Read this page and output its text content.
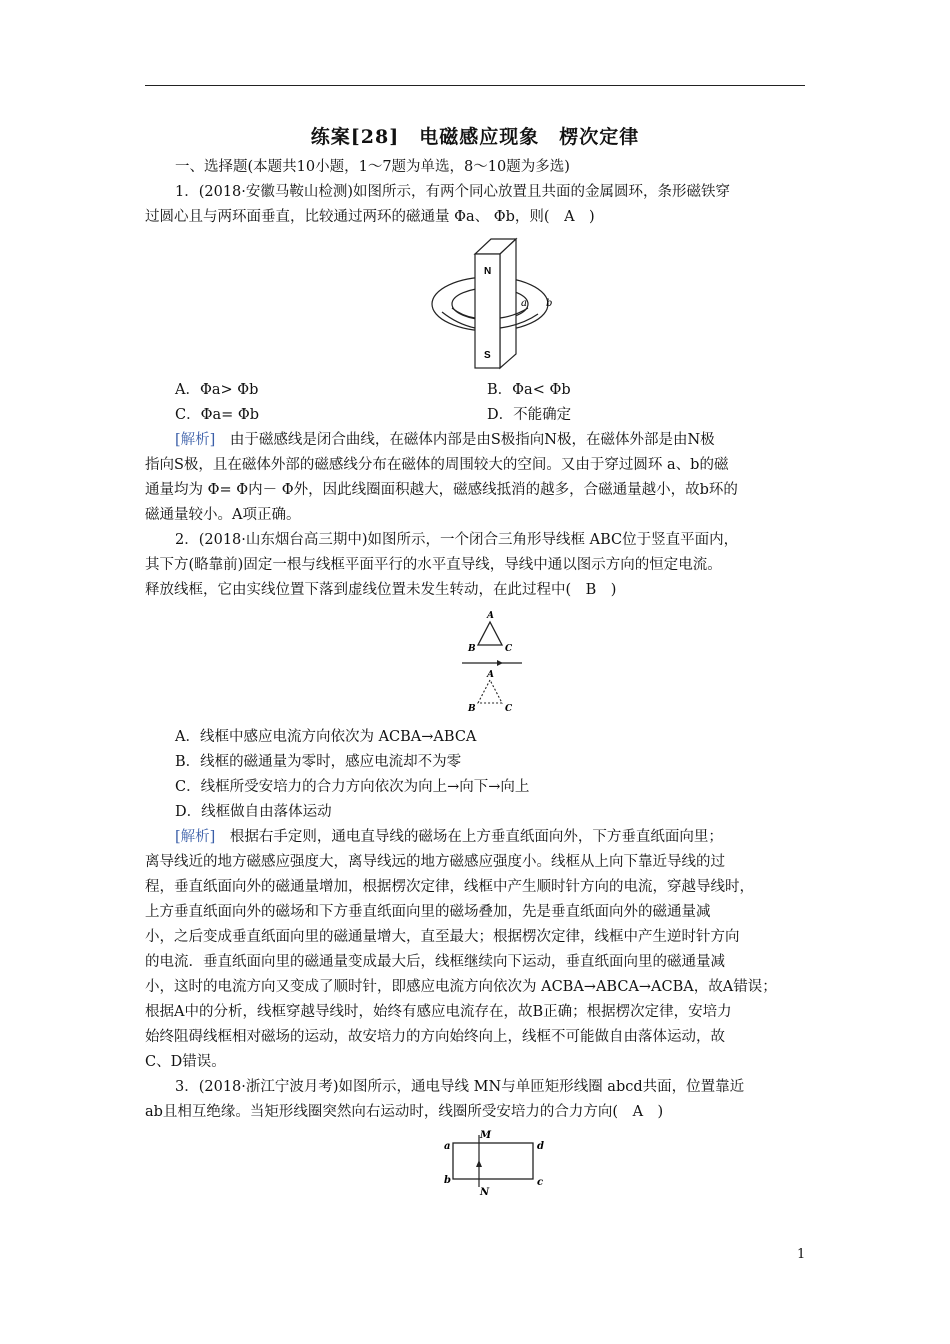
练案[28]　电磁感应现象　楞次定律
一、选择题(本题共10小题，1～7题为单选，8～10题为多选)
1．(2018·安徽马鞍山检测)如图所示，有两个同心放置且共面的金属圆环，条形磁铁穿
过圆心且与两环面垂直，比较通过两环的磁通量 Φa、 Φb，则(　A　)
N
S
a b
A．Φa> Φb	B．Φa< Φb
C．Φa= Φb	D．不能确定
[解析]　 由于磁感线是闭合曲线，在磁体内部是由S极指向N极，在磁体外部是由N极
指向S极，且在磁体外部的磁感线分布在磁体的周围较大的空间。又由于穿过圆环 a、b的磁
通量均为 Φ= Φ内－ Φ外，因此线圈面积越大，磁感线抵消的越多，合磁通量越小，故b环的
磁通量较小。A项正确。
2．(2018·山东烟台高三期中)如图所示，一个闭合三角形导线框 ABC位于竖直平面内，
其下方(略靠前)固定一根与线框平面平行的水平直导线，导线中通以图示方向的恒定电流。
释放线框，它由实线位置下落到虚线位置未发生转动，在此过程中(　B　)
A
B	C
A
B	C
A．线框中感应电流方向依次为 ACBA→ABCA
B．线框的磁通量为零时，感应电流却不为零
C．线框所受安培力的合力方向依次为向上→向下→向上
D．线框做自由落体运动
[解析]　 根据右手定则，通电直导线的磁场在上方垂直纸面向外，下方垂直纸面向里；
离导线近的地方磁感应强度大，离导线远的地方磁感应强度小。线框从上向下靠近导线的过
程，垂直纸面向外的磁通量增加，根据楞次定律，线框中产生顺时针方向的电流，穿越导线时，
上方垂直纸面向外的磁场和下方垂直纸面向里的磁场叠加，先是垂直纸面向外的磁通量减
小，之后变成垂直纸面向里的磁通量增大，直至最大；根据楞次定律，线框中产生逆时针方向
的电流．垂直纸面向里的磁通量变成最大后，线框继续向下运动，垂直纸面向里的磁通量减
小，这时的电流方向又变成了顺时针，即感应电流方向依次为 ACBA→ABCA→ACBA，故A错误；
根据A中的分析，线框穿越导线时，始终有感应电流存在，故B正确；根据楞次定律，安培力
始终阻碍线框相对磁场的运动，故安培力的方向始终向上，线框不可能做自由落体运动，故
C、D错误。
3．(2018·浙江宁波月考)如图所示，通电导线 MN与单匝矩形线圈 abcd共面，位置靠近
ab且相互绝缘。当矩形线圈突然向右运动时，线圈所受安培力的合力方向(　A　)
M
N
a
b	c
d
1
